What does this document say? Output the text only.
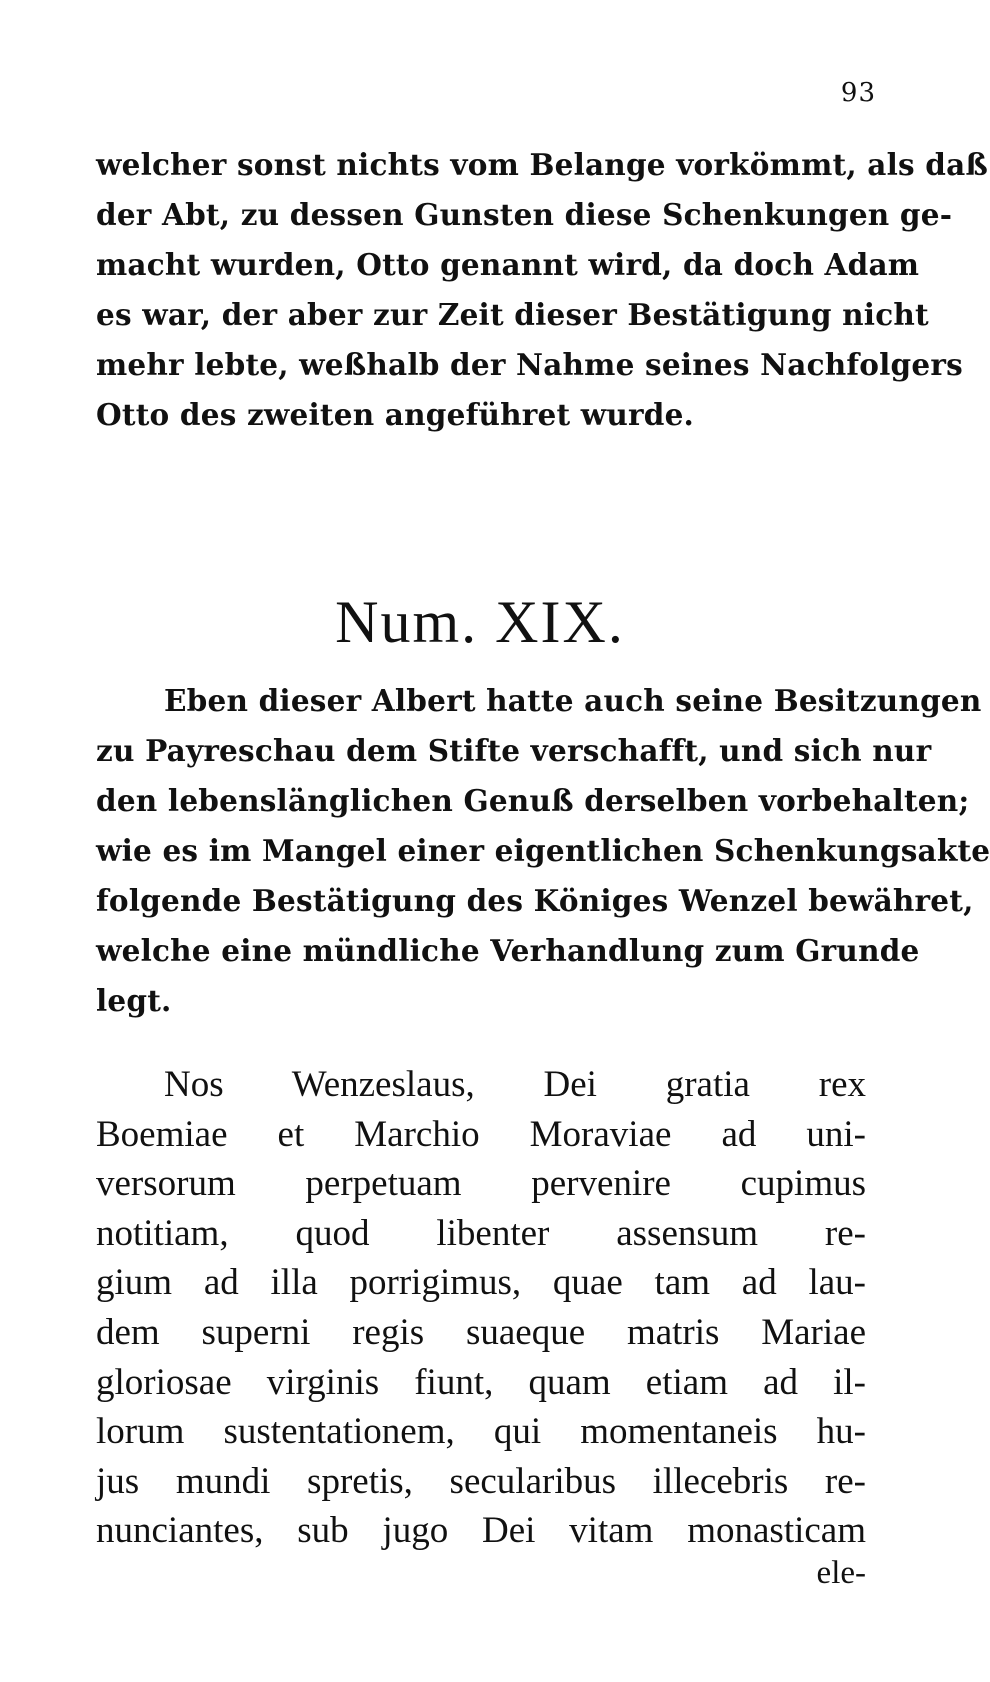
93
welcher sonst nichts vom Belange vorkömmt, als daß
der Abt, zu dessen Gunsten diese Schenkungen ge-
macht wurden, Otto genannt wird, da doch Adam
es war, der aber zur Zeit dieser Bestätigung nicht
mehr lebte, weßhalb der Nahme seines Nachfolgers
Otto des zweiten angeführet wurde.
Num. XIX.
Eben dieser Albert hatte auch seine Besitzungen
zu Payreschau dem Stifte verschafft, und sich nur
den lebenslänglichen Genuß derselben vorbehalten;
wie es im Mangel einer eigentlichen Schenkungsakte
folgende Bestätigung des Königes Wenzel bewähret,
welche eine mündliche Verhandlung zum Grunde
legt.
Nos Wenzeslaus, Dei gratia rex
Boemiae et Marchio Moraviae ad uni-
versorum perpetuam pervenire cupimus
notitiam, quod libenter assensum re-
gium ad illa porrigimus, quae tam ad lau-
dem superni regis suaeque matris Mariae
gloriosae virginis fiunt, quam etiam ad il-
lorum sustentationem, qui momentaneis hu-
jus mundi spretis, secularibus illecebris re-
nunciantes, sub jugo Dei vitam monasticam
ele-
